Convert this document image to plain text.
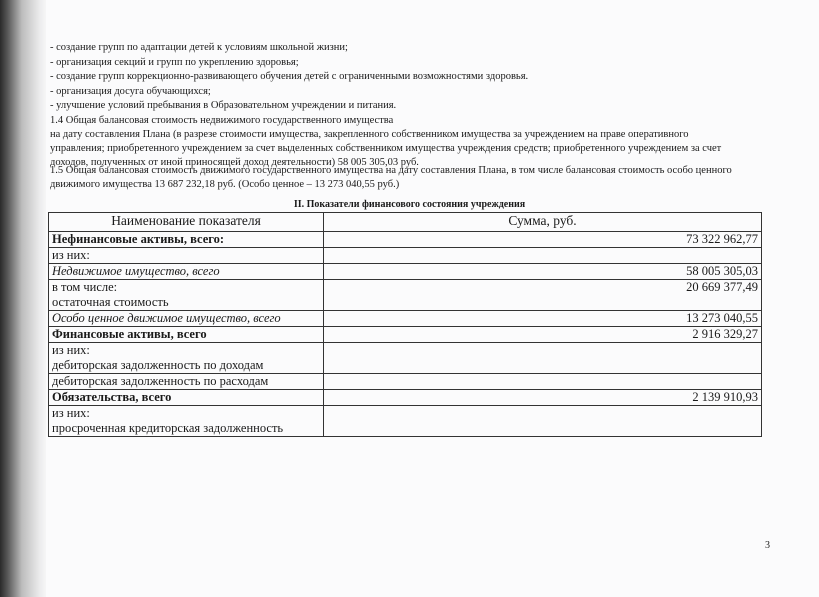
- создание групп по адаптации детей к условиям школьной жизни;
- организация секций и групп по укреплению здоровья;
- создание групп коррекционно-развивающего обучения детей с ограниченными возможностями здоровья.
- организация досуга обучающихся;
- улучшение условий пребывания в Образовательном учреждении и питания.
1.4 Общая балансовая стоимость недвижимого государственного имущества
на дату составления Плана (в разрезе стоимости имущества, закрепленного собственником имущества за учреждением на праве оперативного
управления; приобретенного учреждением за счет выделенных собственником имущества учреждения средств; приобретенного учреждением за счет
доходов, полученных от иной приносящей доход деятельности) 58 005 305,03 руб.
1.5 Общая балансовая стоимость движимого государственного имущества на дату составления Плана, в том числе балансовая стоимость особо ценного
движимого имущества 13 687 232,18 руб. (Особо ценное – 13 273 040,55 руб.)
II. Показатели финансового состояния учреждения
Наименование показателя	Сумма, руб.
Нефинансовые активы, всего:	73 322 962,77
из них:	
Недвижимое имущество, всего	58 005 305,03

в том числе:
остаточная стоимость	20 669 377,49
Особо ценное движимое имущество, всего	13 273 040,55
Финансовые активы, всего	2 916 329,27

из них:
дебиторская задолженность по доходам	

дебиторская задолженность по расходам	
Обязательства, всего	2 139 910,93

из них:
просроченная кредиторская задолженность	

3
